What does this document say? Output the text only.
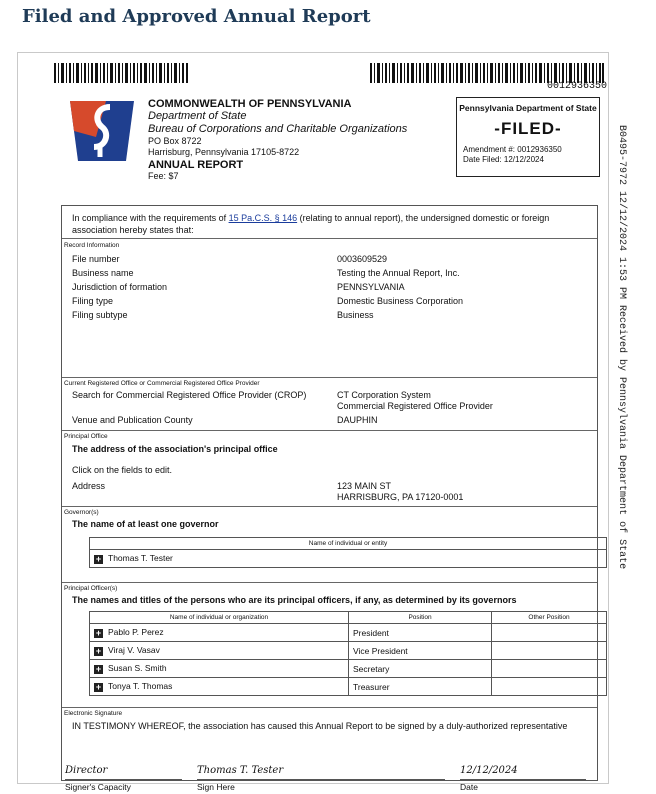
Filed and Approved Annual Report
0012936350
COMMONWEALTH OF PENNSYLVANIA
Department of State
Bureau of Corporations and Charitable Organizations
PO Box 8722
Harrisburg, Pennsylvania 17105-8722
ANNUAL REPORT
Fee: $7
Pennsylvania Department of State
-FILED-
Amendment #: 0012936350
Date Filed: 12/12/2024	B0495-7972 12/12/2024 1:53 PM Received by Pennsylvania Department of State
In compliance with the requirements of 15 Pa.C.S. § 146 (relating to annual report), the undersigned domestic or foreign association hereby states that:
Record Information
File number	0003609529
Business name	Testing the Annual Report, Inc.
Jurisdiction of formation	PENNSYLVANIA
Filing type	Domestic Business Corporation
Filing subtype	Business
Current Registered Office or Commercial Registered Office Provider
Search for Commercial Registered Office Provider (CROP)	CT Corporation System
Commercial Registered Office Provider
Venue and Publication County	DAUPHIN
Principal Office
The address of the association's principal office
Click on the fields to edit.
Address	123 MAIN ST
HARRISBURG, PA 17120-0001
Governor(s)
The name of at least one governor
Name of individual or entity
+ Thomas T. Tester
Principal Officer(s)
The names and titles of the persons who are its principal officers, if any, as determined by its governors
Name of individual or organization	Position	Other Position
+ Pablo P. Perez	President	
+ Viraj V. Vasav	Vice President	
+ Susan S. Smith	Secretary	
+ Tonya T. Thomas	Treasurer	
Electronic Signature
IN TESTIMONY WHEREOF, the association has caused this Annual Report to be signed by a duly-authorized representative
Director	Thomas T. Tester	12/12/2024
Signer's Capacity	Sign Here	Date
